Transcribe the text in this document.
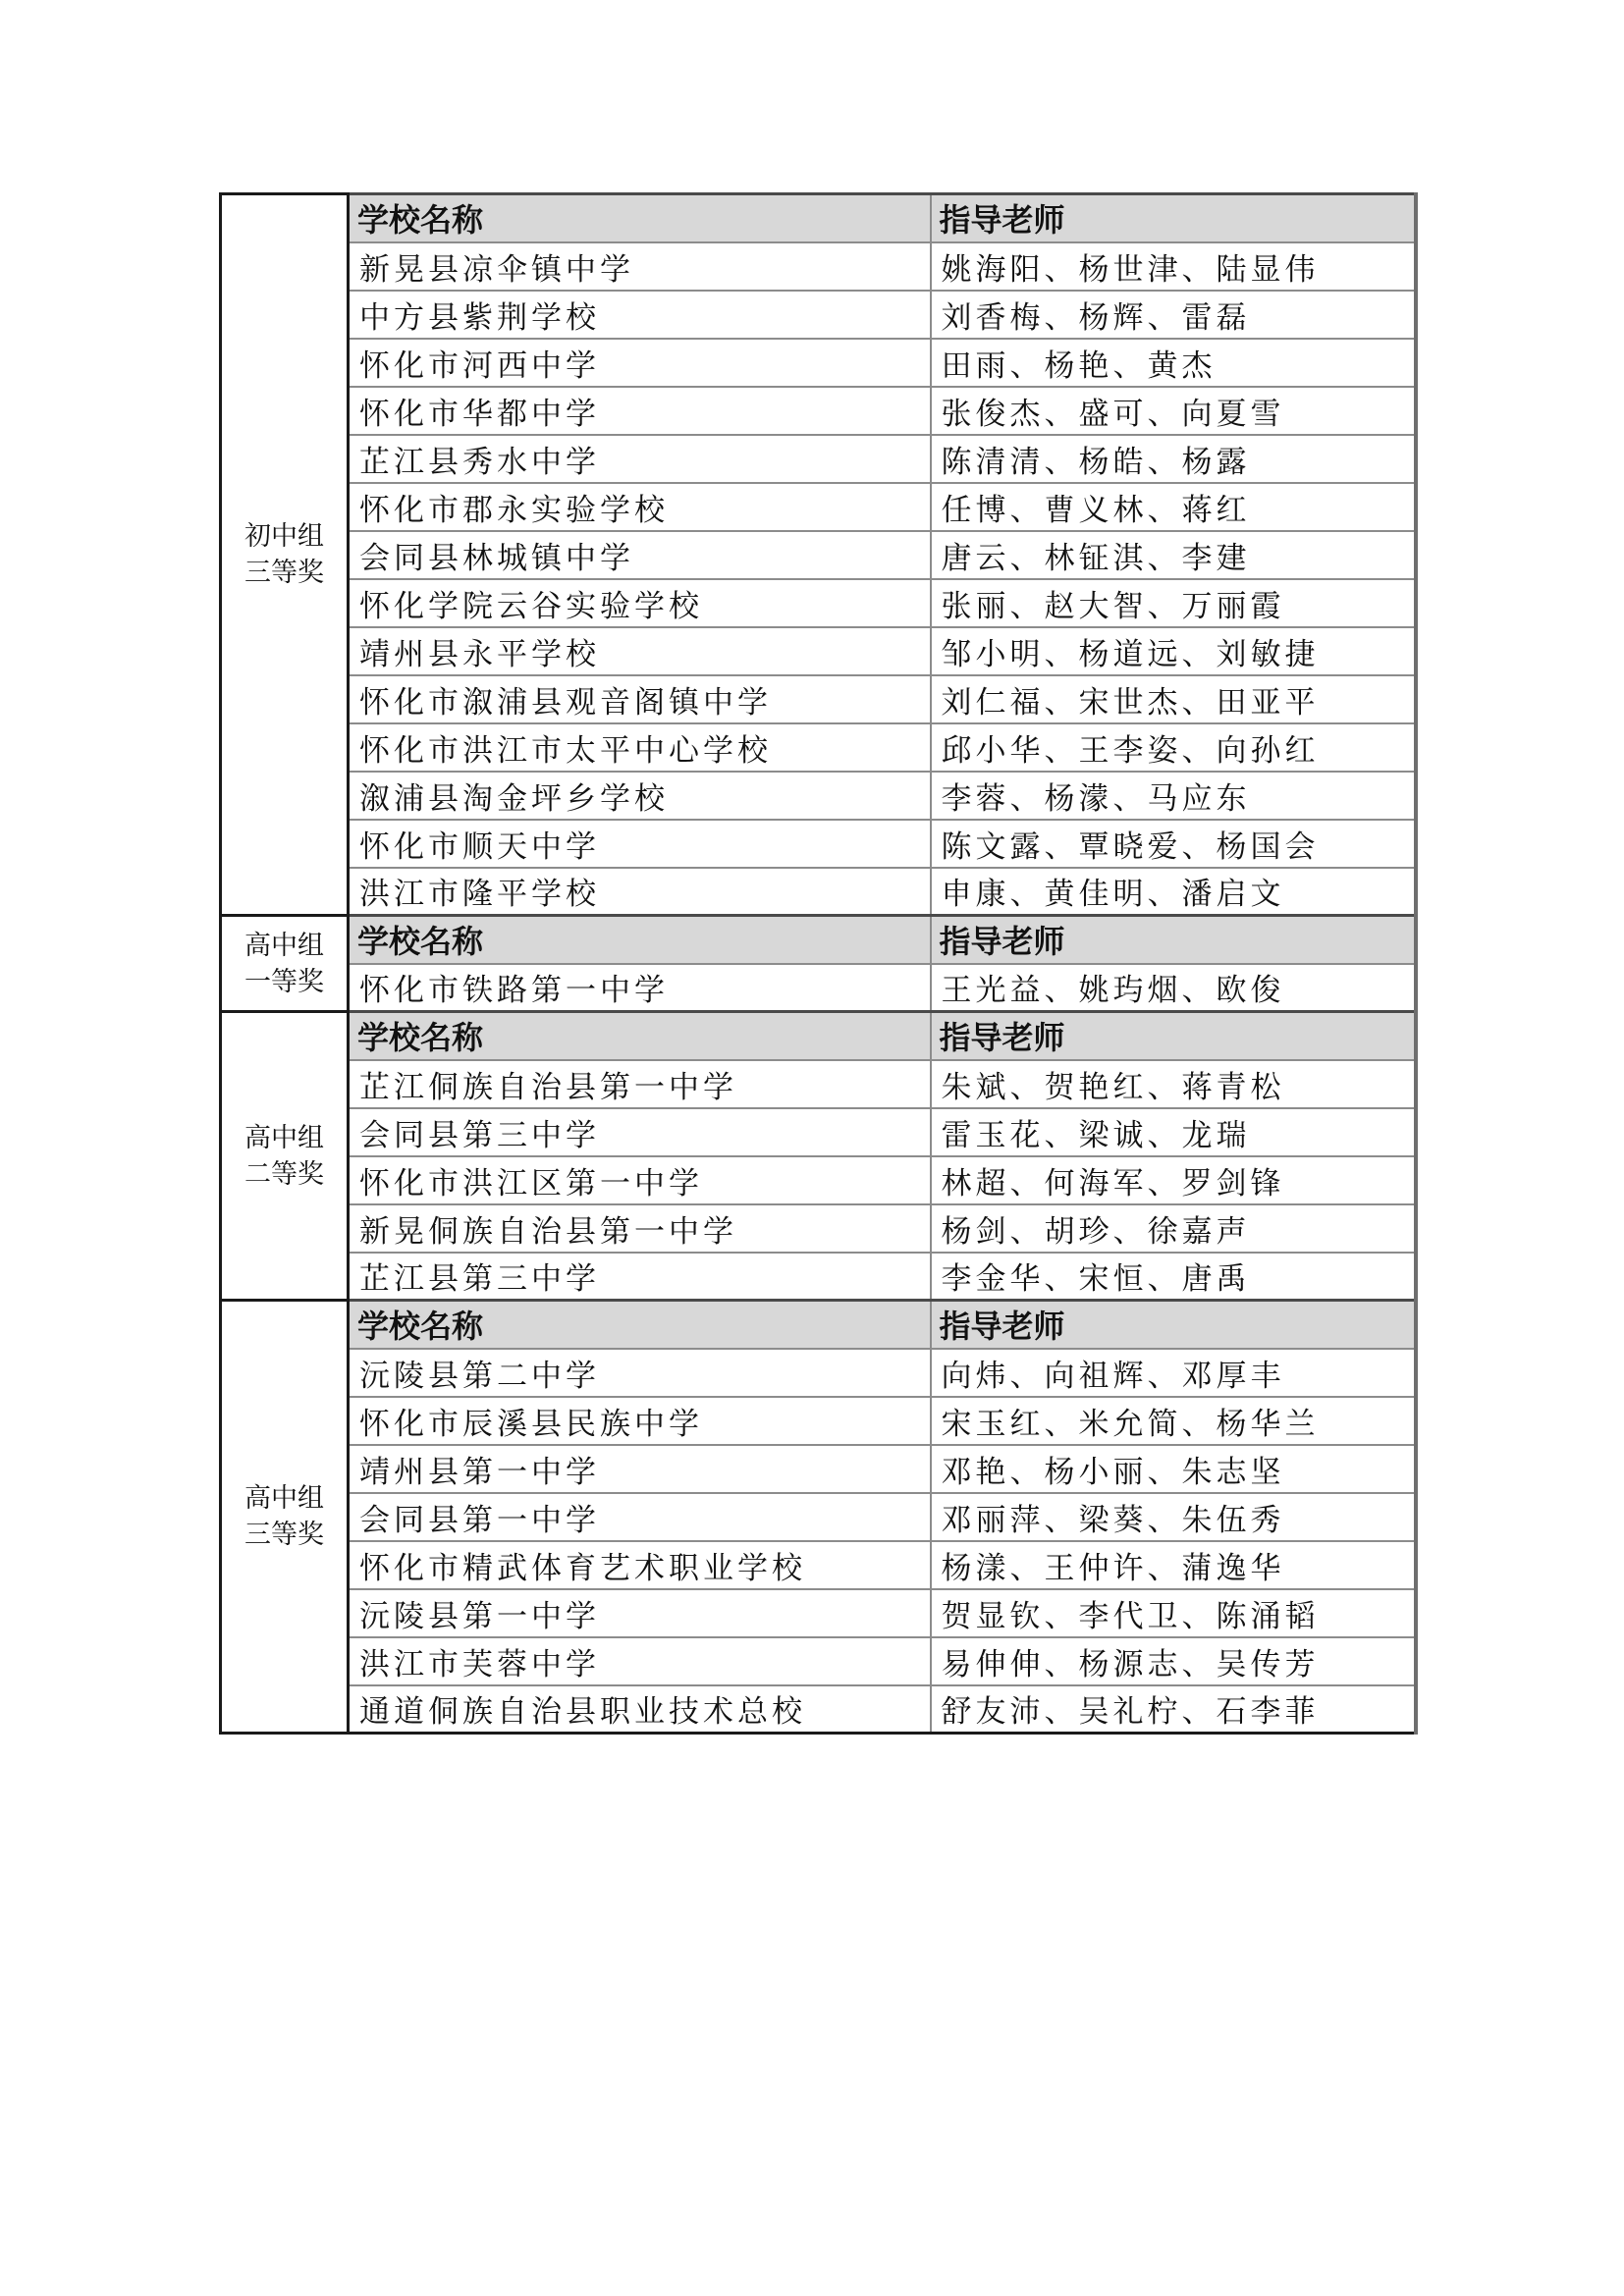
初中组
三等奖	学校名称	指导老师
	新晃县凉伞镇中学	姚海阳、杨世津、陆显伟
	中方县紫荆学校	刘香梅、杨辉、雷磊
	怀化市河西中学	田雨、杨艳、黄杰
	怀化市华都中学	张俊杰、盛可、向夏雪
	芷江县秀水中学	陈清清、杨皓、杨露
	怀化市郡永实验学校	任博、曹义林、蒋红
	会同县林城镇中学	唐云、林钲淇、李建
	怀化学院云谷实验学校	张丽、赵大智、万丽霞
	靖州县永平学校	邹小明、杨道远、刘敏捷
	怀化市溆浦县观音阁镇中学	刘仁福、宋世杰、田亚平
	怀化市洪江市太平中心学校	邱小华、王李姿、向孙红
	溆浦县淘金坪乡学校	李蓉、杨濛、马应东
	怀化市顺天中学	陈文露、覃晓爱、杨国会
	洪江市隆平学校	申康、黄佳明、潘启文

高中组
一等奖	学校名称	指导老师
	怀化市铁路第一中学	王光益、姚玙烟、欧俊

高中组
二等奖	学校名称	指导老师
	芷江侗族自治县第一中学	朱斌、贺艳红、蒋青松
	会同县第三中学	雷玉花、梁诚、龙瑞
	怀化市洪江区第一中学	林超、何海军、罗剑锋
	新晃侗族自治县第一中学	杨剑、胡珍、徐嘉声
	芷江县第三中学	李金华、宋恒、唐禹

高中组
三等奖	学校名称	指导老师
	沅陵县第二中学	向炜、向祖辉、邓厚丰
	怀化市辰溪县民族中学	宋玉红、米允简、杨华兰
	靖州县第一中学	邓艳、杨小丽、朱志坚
	会同县第一中学	邓丽萍、梁葵、朱伍秀
	怀化市精武体育艺术职业学校	杨漾、王仲许、蒲逸华
	沅陵县第一中学	贺显钦、李代卫、陈涌韬
	洪江市芙蓉中学	易伸伸、杨源志、吴传芳
	通道侗族自治县职业技术总校	舒友沛、吴礼柠、石李菲
